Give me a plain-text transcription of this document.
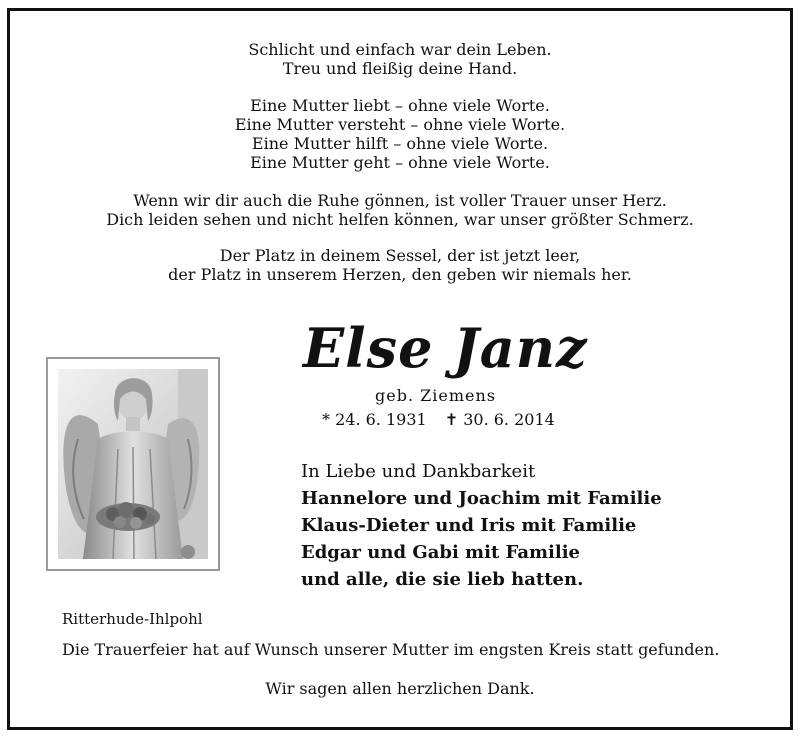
Schlicht und einfach war dein Leben.
Treu und fleißig deine Hand.
Eine Mutter liebt – ohne viele Worte.
Eine Mutter versteht – ohne viele Worte.
Eine Mutter hilft – ohne viele Worte.
Eine Mutter geht – ohne viele Worte.
Wenn wir dir auch die Ruhe gönnen, ist voller Trauer unser Herz.
Dich leiden sehen und nicht helfen können, war unser größter Schmerz.
Der Platz in deinem Sessel, der ist jetzt leer,
der Platz in unserem Herzen, den geben wir niemals her.
Else Janz
geb. Ziemens
* 24. 6. 1931 ✝ 30. 6. 2014
In Liebe und Dankbarkeit
Hannelore und Joachim mit Familie
Klaus-Dieter und Iris mit Familie
Edgar und Gabi mit Familie
und alle, die sie lieb hatten.
Ritterhude-Ihlpohl
Die Trauerfeier hat auf Wunsch unserer Mutter im engsten Kreis statt gefunden.
Wir sagen allen herzlichen Dank.
